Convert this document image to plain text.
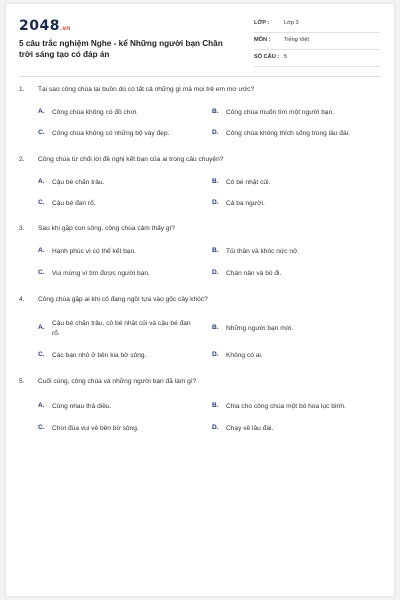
2048.vn
5 câu trắc nghiệm Nghe - kể Những người bạn Chân trời sáng tạo có đáp án
LỚP :	Lớp 3
MÔN : Tiếng Việt
SỐ CÂU : 5
1. Tại sao công chúa lại buồn dù có tất cả những gì mà mọi trẻ em mơ ước?
A. Công chúa không có đồ chơi.	B. Công chúa muốn tìm một người bạn.
C. Công chúa không có những bộ váy đẹp.	D. Công chúa không thích sống trong lâu đài.
2. Công chúa từ chối lời đề nghị kết bạn của ai trong câu chuyện?
A. Cậu bé chăn trâu.	B. Cô bé nhặt củi.
C. Cậu bé đan rổ.	D. Cả ba người.
3. Sau khi gặp con sông, công chúa cảm thấy gì?
A. Hạnh phúc vì có thể kết bạn.	B. Tủi thân và khóc nức nở.
C. Vui mừng vì tìm được người bạn.	D. Chán nản và bỏ đi.
4. Công chúa gặp ai khi cô đang ngồi tựa vào gốc cây khóc?
A.
Cậu bé chăn trâu, cô bé nhặt củi và cậu bé đan rổ.
B. Những người bạn mới.
C. Các bạn nhỏ ở bên kia bờ sông.	D. Không có ai.
5. Cuối cùng, công chúa và những người bạn đã làm gì?
A. Cùng nhau thả diều.	B. Chia cho công chúa một bó hoa lục bình.
C. Chơi đùa vui vẻ bên bờ sông.	D. Chạy về lâu đài.
